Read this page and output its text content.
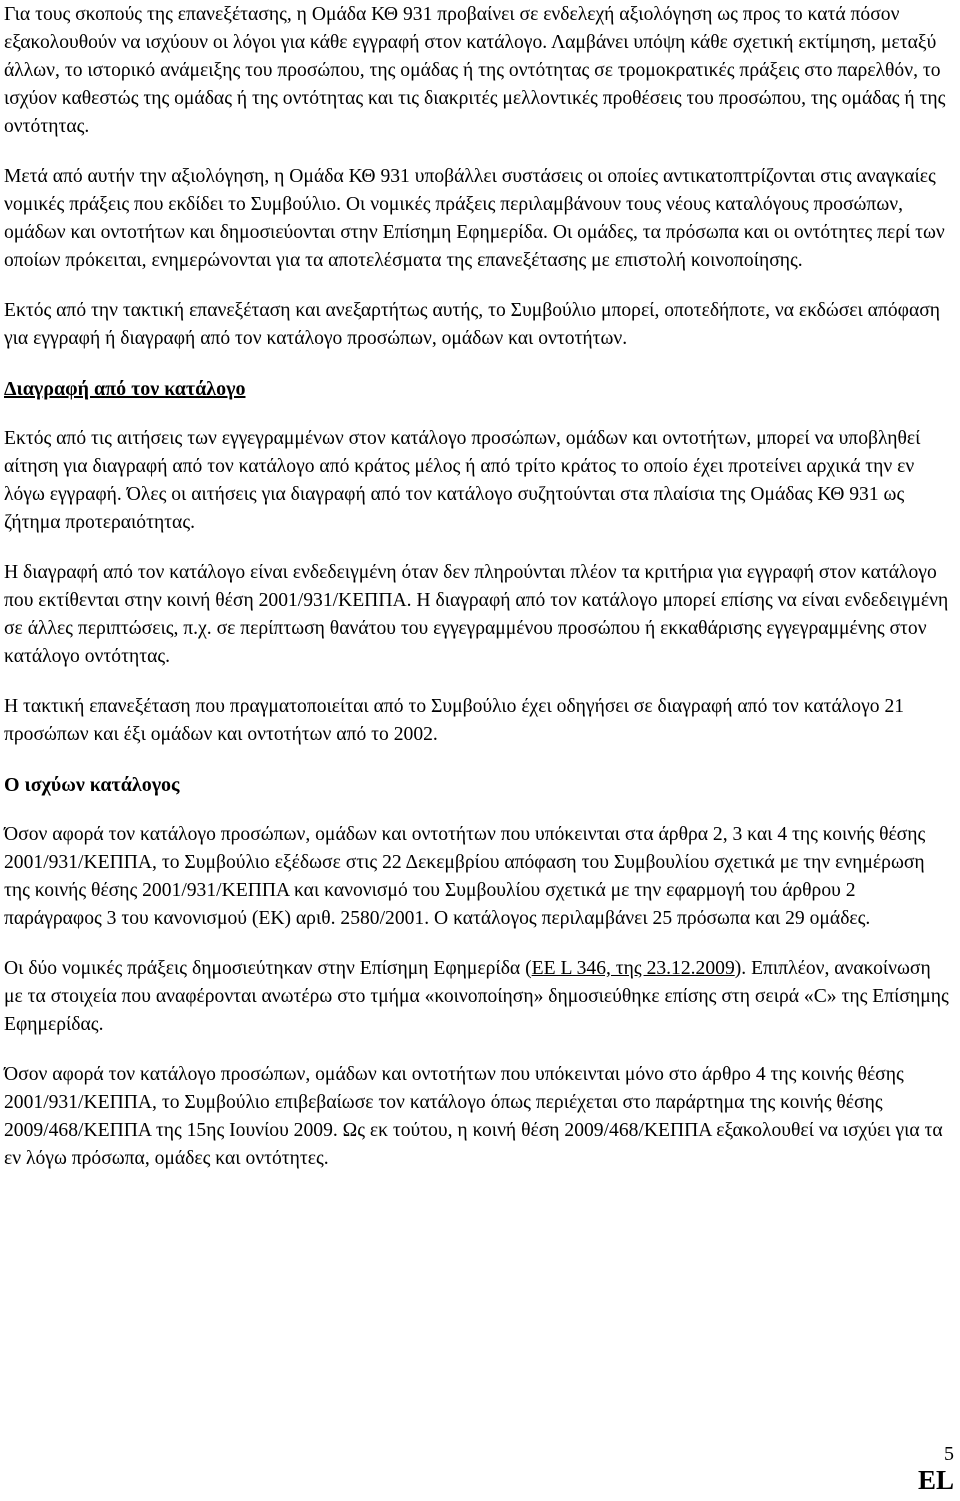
Για τους σκοπούς της επανεξέτασης, η Ομάδα ΚΘ 931 προβαίνει σε ενδελεχή αξιολόγηση ως προς το κατά πόσον εξακολουθούν να ισχύουν οι λόγοι για κάθε εγγραφή στον κατάλογο. Λαμβάνει υπόψη κάθε σχετική εκτίμηση, μεταξύ άλλων, το ιστορικό ανάμειξης του προσώπου, της ομάδας ή της οντότητας σε τρομοκρατικές πράξεις στο παρελθόν, το ισχύον καθεστώς της ομάδας ή της οντότητας και τις διακριτές μελλοντικές προθέσεις του προσώπου, της ομάδας ή της οντότητας.

Μετά από αυτήν την αξιολόγηση, η Ομάδα ΚΘ 931 υποβάλλει συστάσεις οι οποίες αντικατοπτρίζονται στις αναγκαίες νομικές πράξεις που εκδίδει το Συμβούλιο. Οι νομικές πράξεις περιλαμβάνουν τους νέους καταλόγους προσώπων, ομάδων και οντοτήτων και δημοσιεύονται στην Επίσημη Εφημερίδα. Οι ομάδες, τα πρόσωπα και οι οντότητες περί των οποίων πρόκειται, ενημερώνονται για τα αποτελέσματα της επανεξέτασης με επιστολή κοινοποίησης.

Εκτός από την τακτική επανεξέταση και ανεξαρτήτως αυτής, το Συμβούλιο μπορεί, οποτεδήποτε, να εκδώσει απόφαση για εγγραφή ή διαγραφή από τον κατάλογο προσώπων, ομάδων και οντοτήτων.

Διαγραφή από τον κατάλογο

Εκτός από τις αιτήσεις των εγγεγραμμένων στον κατάλογο προσώπων, ομάδων και οντοτήτων, μπορεί να υποβληθεί αίτηση για διαγραφή από τον κατάλογο από κράτος μέλος ή από τρίτο κράτος το οποίο έχει προτείνει αρχικά την εν λόγω εγγραφή. Όλες οι αιτήσεις για διαγραφή από τον κατάλογο συζητούνται στα πλαίσια της Ομάδας ΚΘ 931 ως ζήτημα προτεραιότητας.

Η διαγραφή από τον κατάλογο είναι ενδεδειγμένη όταν δεν πληρούνται πλέον τα κριτήρια για εγγραφή στον κατάλογο που εκτίθενται στην κοινή θέση 2001/931/ΚΕΠΠΑ. Η διαγραφή από τον κατάλογο μπορεί επίσης να είναι ενδεδειγμένη σε άλλες περιπτώσεις, π.χ. σε περίπτωση θανάτου του εγγεγραμμένου προσώπου ή εκκαθάρισης εγγεγραμμένης στον κατάλογο οντότητας.

Η τακτική επανεξέταση που πραγματοποιείται από το Συμβούλιο έχει οδηγήσει σε διαγραφή από τον κατάλογο 21 προσώπων και έξι ομάδων και οντοτήτων από το 2002.

Ο ισχύων κατάλογος

Όσον αφορά τον κατάλογο προσώπων, ομάδων και οντοτήτων που υπόκεινται στα άρθρα 2, 3 και 4 της κοινής θέσης 2001/931/ΚΕΠΠΑ, το Συμβούλιο εξέδωσε στις 22 Δεκεμβρίου απόφαση του Συμβουλίου σχετικά με την ενημέρωση της κοινής θέσης 2001/931/ΚΕΠΠΑ και κανονισμό του Συμβουλίου σχετικά με την εφαρμογή του άρθρου 2 παράγραφος 3 του κανονισμού (ΕΚ) αριθ. 2580/2001. Ο κατάλογος περιλαμβάνει 25 πρόσωπα και 29 ομάδες.

Οι δύο νομικές πράξεις δημοσιεύτηκαν στην Επίσημη Εφημερίδα (ΕΕ L 346, της 23.12.2009). Επιπλέον, ανακοίνωση με τα στοιχεία που αναφέρονται ανωτέρω στο τμήμα «κοινοποίηση» δημοσιεύθηκε επίσης στη σειρά «C» της Επίσημης Εφημερίδας.

Όσον αφορά τον κατάλογο προσώπων, ομάδων και οντοτήτων που υπόκεινται μόνο στο άρθρο 4 της κοινής θέσης 2001/931/ΚΕΠΠΑ, το Συμβούλιο επιβεβαίωσε τον κατάλογο όπως περιέχεται στο παράρτημα της κοινής θέσης 2009/468/ΚΕΠΠΑ της 15ης Ιουνίου 2009. Ως εκ τούτου, η κοινή θέση 2009/468/ΚΕΠΠΑ εξακολουθεί να ισχύει για τα εν λόγω πρόσωπα, ομάδες και οντότητες.

5
EL
